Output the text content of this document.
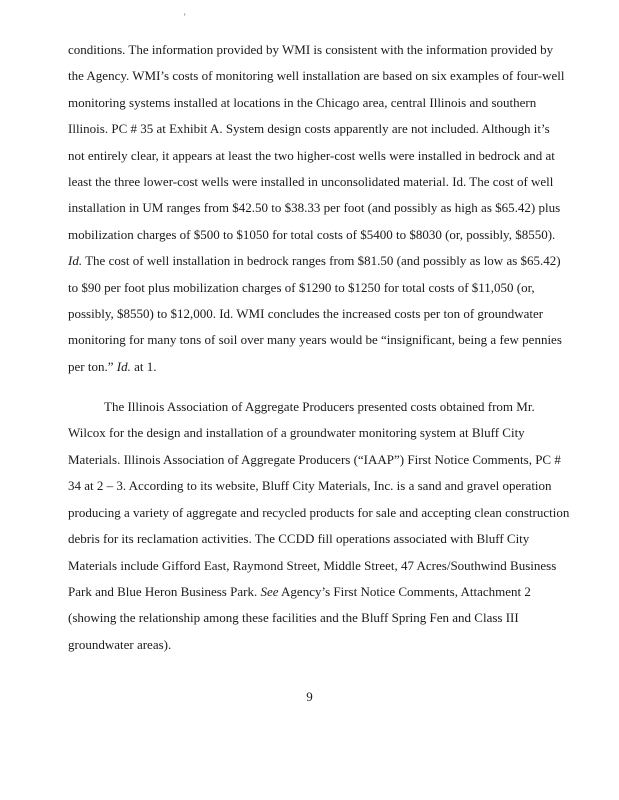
'
conditions. The information provided by WMI is consistent with the information provided by
the Agency. WMI’s costs of monitoring well installation are based on six examples of four-well
monitoring systems installed at locations in the Chicago area, central Illinois and southern
Illinois. PC # 35 at Exhibit A. System design costs apparently are not included. Although it’s
not entirely clear, it appears at least the two higher-cost wells were installed in bedrock and at
least the three lower-cost wells were installed in unconsolidated material. Id. The cost of well
installation in UM ranges from $42.50 to $38.33 per foot (and possibly as high as $65.42) plus
mobilization charges of $500 to $1050 for total costs of $5400 to $8030 (or, possibly, $8550).
Id. The cost of well installation in bedrock ranges from $81.50 (and possibly as low as $65.42)
to $90 per foot plus mobilization charges of $1290 to $1250 for total costs of $11,050 (or,
possibly, $8550) to $12,000. Id. WMI concludes the increased costs per ton of groundwater
monitoring for many tons of soil over many years would be “insignificant, being a few pennies
per ton.” Id. at 1.
The Illinois Association of Aggregate Producers presented costs obtained from Mr.
Wilcox for the design and installation of a groundwater monitoring system at Bluff City
Materials. Illinois Association of Aggregate Producers (“IAAP”) First Notice Comments, PC #
34 at 2 – 3. According to its website, Bluff City Materials, Inc. is a sand and gravel operation
producing a variety of aggregate and recycled products for sale and accepting clean construction
debris for its reclamation activities. The CCDD fill operations associated with Bluff City
Materials include Gifford East, Raymond Street, Middle Street, 47 Acres/Southwind Business
Park and Blue Heron Business Park. See Agency’s First Notice Comments, Attachment 2
(showing the relationship among these facilities and the Bluff Spring Fen and Class III
groundwater areas).
9
